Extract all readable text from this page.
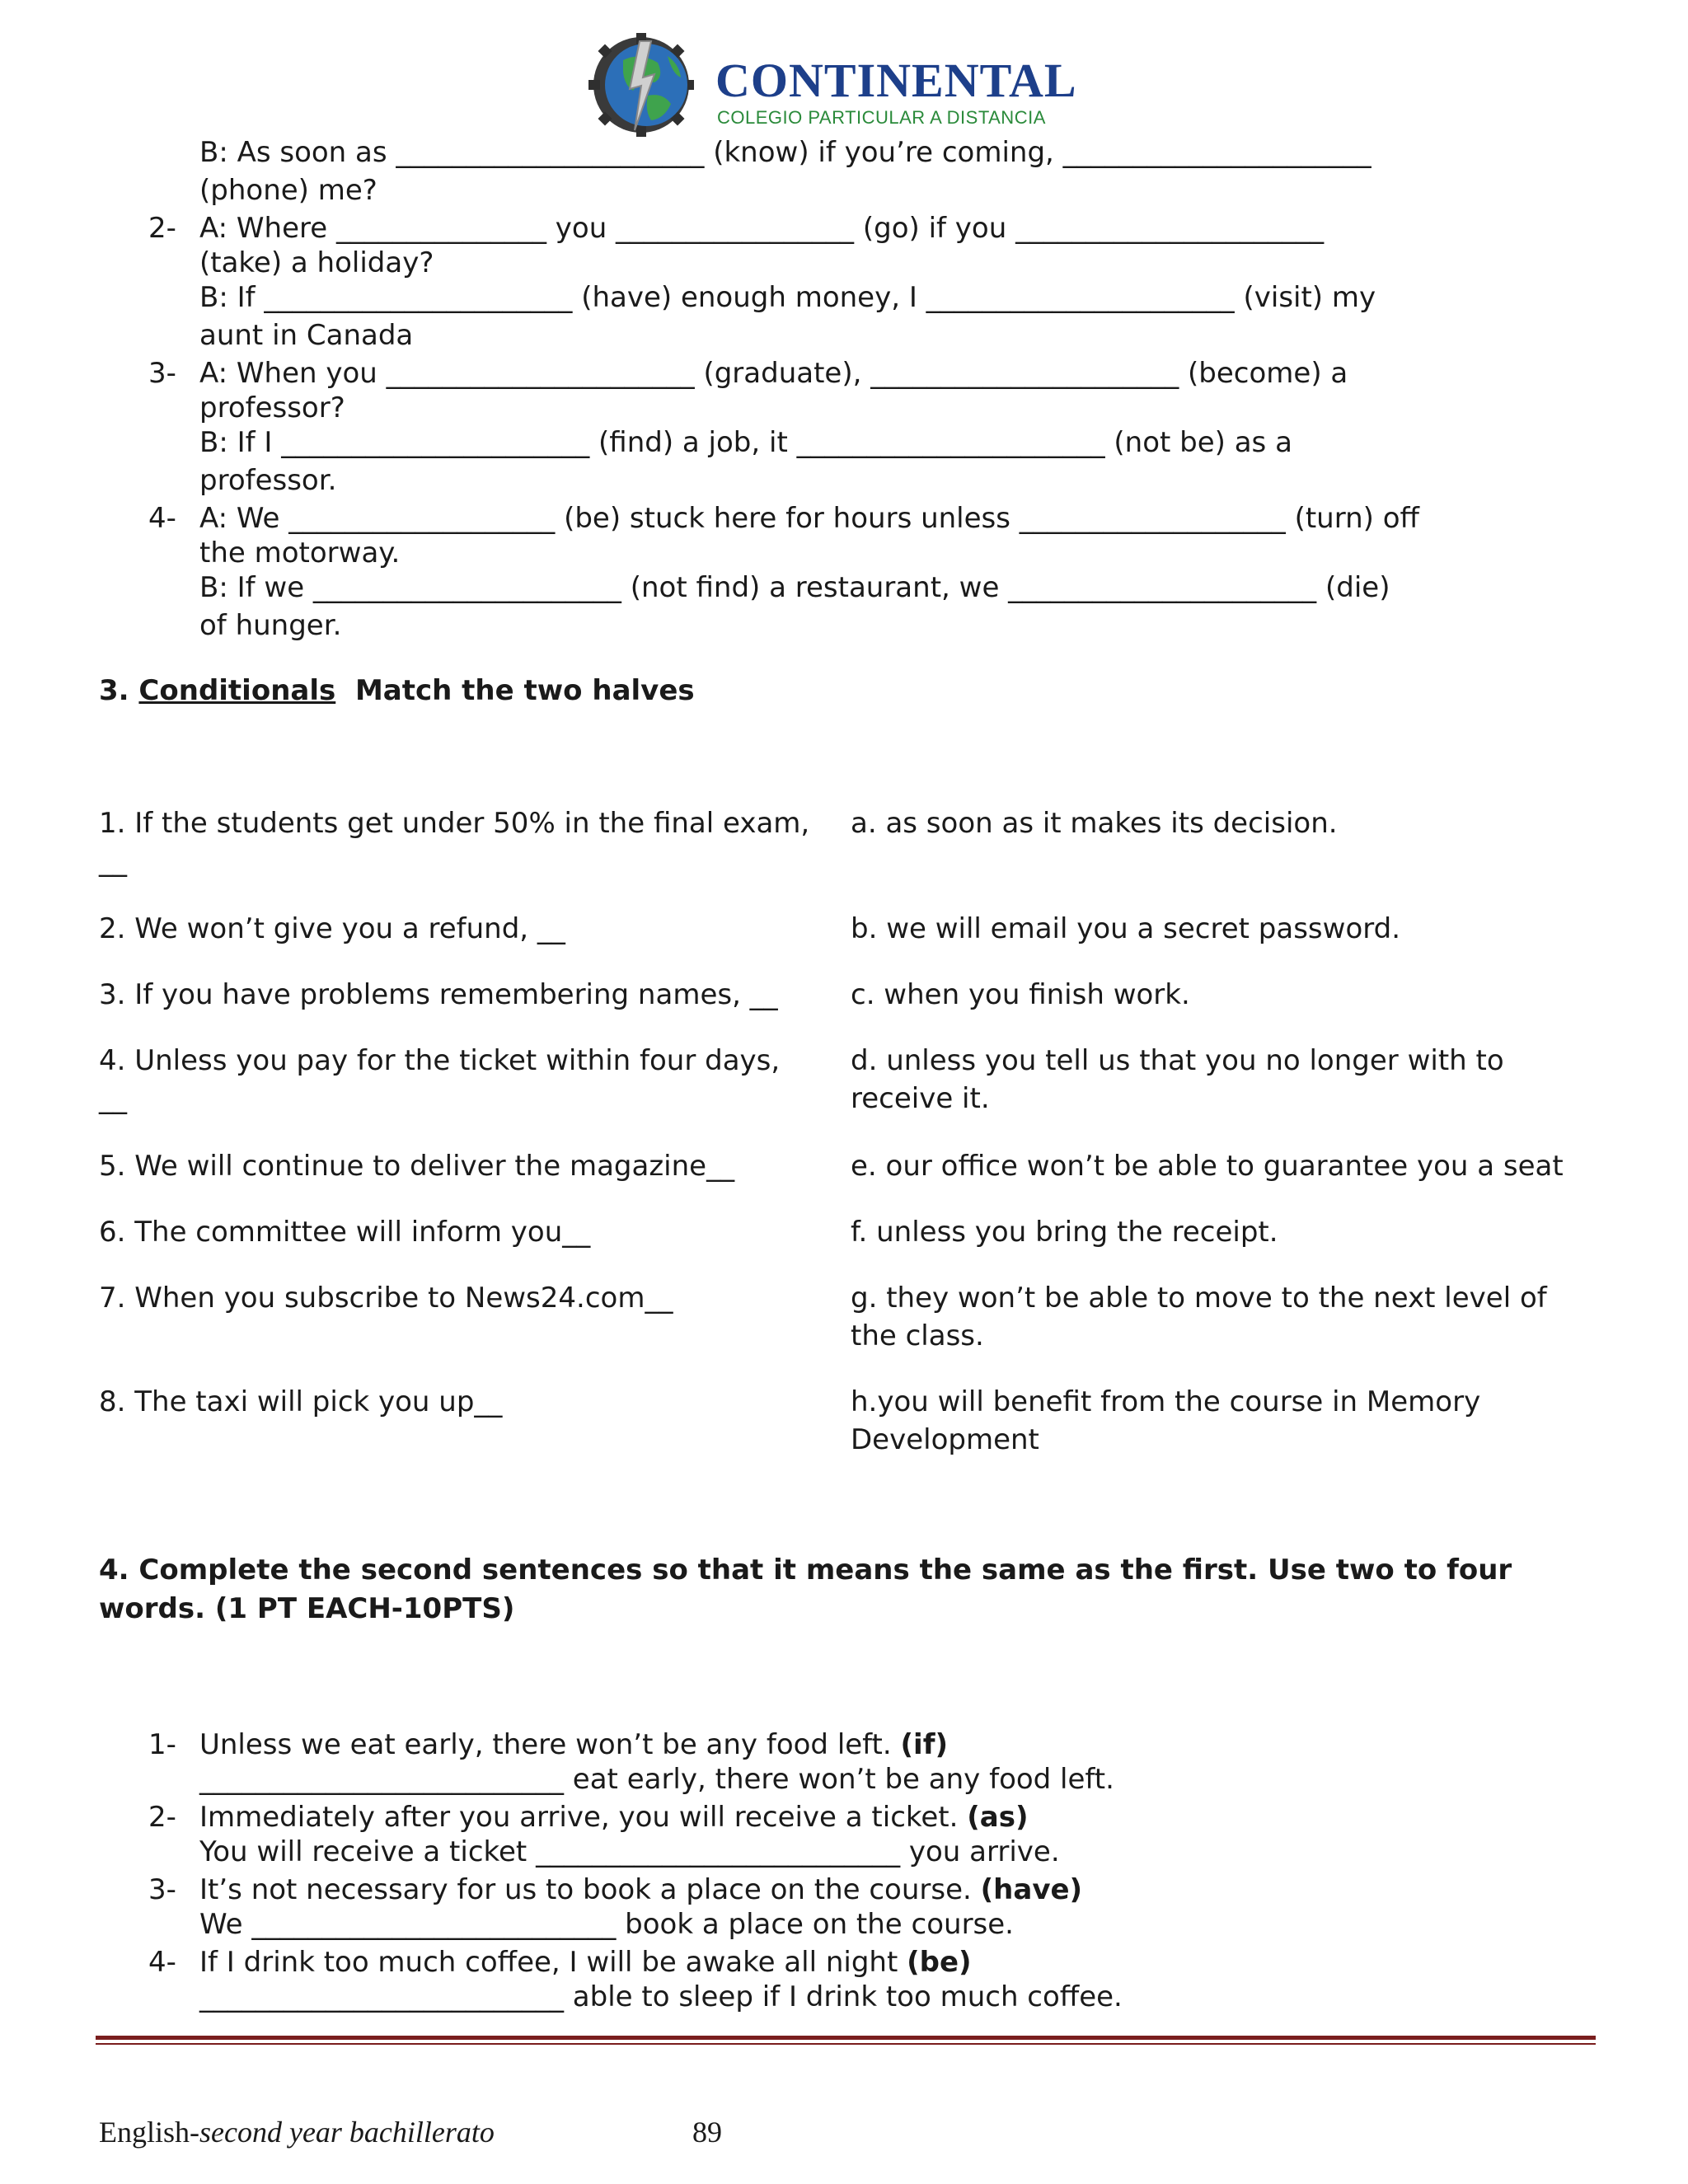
CONTINENTAL
COLEGIO PARTICULAR A DISTANCIA
B: As soon as ______________________ (know) if you’re coming, ______________________
(phone) me?
2- A: Where _______________ you _________________ (go) if you ______________________
(take) a holiday?
B: If ______________________ (have) enough money, I ______________________ (visit) my
aunt in Canada
3- A: When you ______________________ (graduate), ______________________ (become) a
professor?
B: If I ______________________ (find) a job, it ______________________ (not be) as a
professor.
4- A: We ___________________ (be) stuck here for hours unless ___________________ (turn) off
the motorway.
B: If we ______________________ (not find) a restaurant, we ______________________ (die)
of hunger.
3. Conditionals Match the two halves
1. If the students get under 50% in the final exam,
__
2. We won’t give you a refund, __
3. If you have problems remembering names, __
4. Unless you pay for the ticket within four days,
__
5. We will continue to deliver the magazine__
6. The committee will inform you__
7. When you subscribe to News24.com__
8. The taxi will pick you up__
a. as soon as it makes its decision.
b. we will email you a secret password.
c. when you finish work.
d. unless you tell us that you no longer with to
receive it.
e. our office won’t be able to guarantee you a seat
f. unless you bring the receipt.
g. they won’t be able to move to the next level of
the class.
h.you will benefit from the course in Memory
Development
4. Complete the second sentences so that it means the same as the first. Use two to four
words. (1 PT EACH-10PTS)
1- Unless we eat early, there won’t be any food left. (if)
__________________________ eat early, there won’t be any food left.
2- Immediately after you arrive, you will receive a ticket. (as)
You will receive a ticket __________________________ you arrive.
3- It’s not necessary for us to book a place on the course. (have)
We __________________________ book a place on the course.
4- If I drink too much coffee, I will be awake all night (be)
__________________________ able to sleep if I drink too much coffee.
English-second year bachillerato	89
